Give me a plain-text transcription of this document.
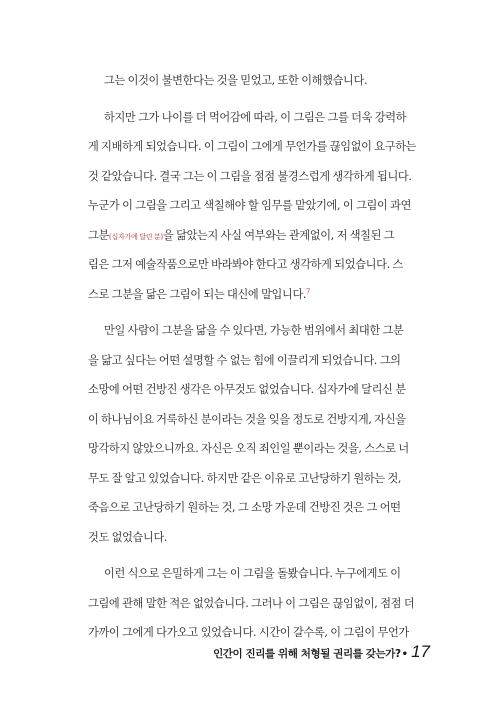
그는 이것이 불변한다는 것을 믿었고, 또한 이해했습니다.
하지만 그가 나이를 더 먹어감에 따라, 이 그림은 그를 더욱 강력하
게 지배하게 되었습니다. 이 그림이 그에게 무언가를 끊임없이 요구하는
것 같았습니다. 결국 그는 이 그림을 점점 불경스럽게 생각하게 됩니다.
누군가 이 그림을 그리고 색칠해야 할 임무를 맡았기에, 이 그림이 과연
그분(십자가에 달린 분)을 닮았는지 사실 여부와는 관계없이, 저 색칠된 그
림은 그저 예술작품으로만 바라봐야 한다고 생각하게 되었습니다. 스
스로 그분을 닮은 그림이 되는 대신에 말입니다.$^7$
만일 사람이 그분을 닮을 수 있다면, 가능한 범위에서 최대한 그분
을 닮고 싶다는 어떤 설명할 수 없는 힘에 이끌리게 되었습니다. 그의
소망에 어떤 건방진 생각은 아무것도 없었습니다. 십자가에 달리신 분
이 하나님이요 거룩하신 분이라는 것을 잊을 정도로 건방지게, 자신을
망각하지 않았으니까요. 자신은 오직 죄인일 뿐이라는 것을, 스스로 너
무도 잘 알고 있었습니다. 하지만 같은 이유로 고난당하기 원하는 것,
죽음으로 고난당하기 원하는 것, 그 소망 가운데 건방진 것은 그 어떤
것도 없었습니다.
이런 식으로 은밀하게 그는 이 그림을 돌봤습니다. 누구에게도 이
그림에 관해 말한 적은 없었습니다. 그러나 이 그림은 끊임없이, 점점 더
가까이 그에게 다가오고 있었습니다. 시간이 갈수록, 이 그림이 무언가
인간이 진리를 위해 처형될 권리를 갖는가? • 17
